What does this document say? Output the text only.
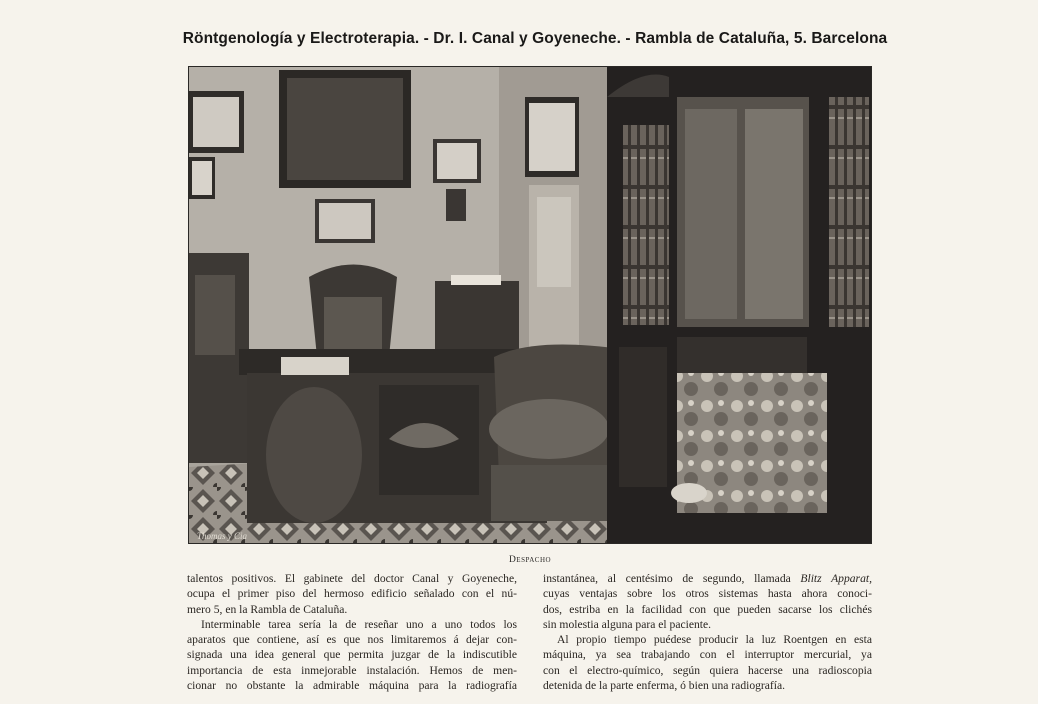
Röntgenología y Electroterapia. - Dr. I. Canal y Goyeneche. - Rambla de Cataluña, 5. Barcelona
Thomas y Cia
Despacho
talentos positivos. El gabinete del doctor Canal y Goyeneche,
ocupa el primer piso del hermoso edificio señalado con el nú-
mero 5, en la Rambla de Cataluña.
Interminable tarea sería la de reseñar uno a uno todos los
aparatos que contiene, así es que nos limitaremos á dejar con-
signada una idea general que permita juzgar de la indiscutible
importancia de esta inmejorable instalación. Hemos de men-
cionar no obstante la admirable máquina para la radiografía
instantánea, al centésimo de segundo, llamada Blitz Apparat,
cuyas ventajas sobre los otros sistemas hasta ahora conoci-
dos, estriba en la facilidad con que pueden sacarse los clichés
sin molestia alguna para el paciente.
Al propio tiempo puédese producir la luz Roentgen en esta
máquina, ya sea trabajando con el interruptor mercurial, ya
con el electro-químico, según quiera hacerse una radioscopia
detenida de la parte enferma, ó bien una radiografía.
